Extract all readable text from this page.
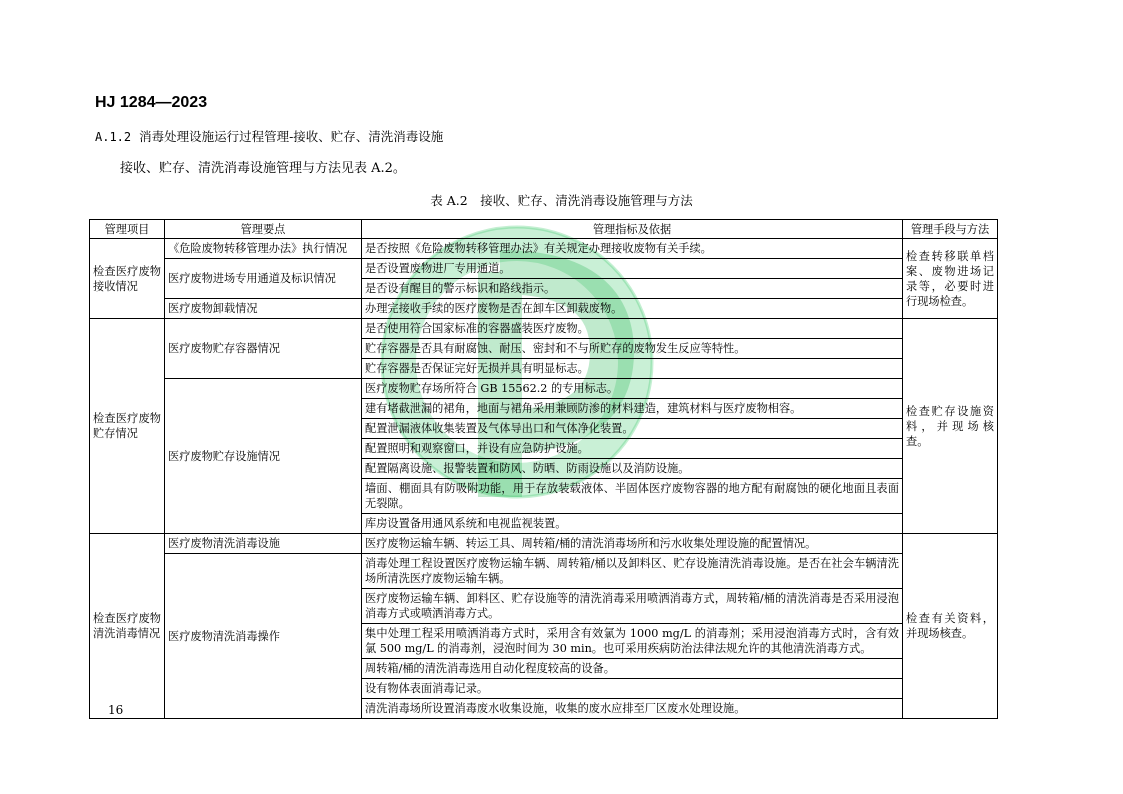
HJ 1284—2023
A.1.2 消毒处理设施运行过程管理-接收、贮存、清洗消毒设施
接收、贮存、清洗消毒设施管理与方法见表 A.2。
表 A.2　接收、贮存、清洗消毒设施管理与方法
管理项目	管理要点	管理指标及依据	管理手段与方法
检查医疗废物接收情况	《危险废物转移管理办法》执行情况	是否按照《危险废物转移管理办法》有关规定办理接收废物有关手续。	检查转移联单档案、废物进场记录等，必要时进行现场检查。
	医疗废物进场专用通道及标识情况	是否设置废物进厂专用通道。	
		是否设有醒目的警示标识和路线指示。	
	医疗废物卸载情况	办理完接收手续的医疗废物是否在卸车区卸载废物。	
检查医疗废物贮存情况	医疗废物贮存容器情况	是否使用符合国家标准的容器盛装医疗废物。	检查贮存设施资料，并现场核查。
		贮存容器是否具有耐腐蚀、耐压、密封和不与所贮存的废物发生反应等特性。	
		贮存容器是否保证完好无损并具有明显标志。	
	医疗废物贮存设施情况	医疗废物贮存场所符合 GB 15562.2 的专用标志。	
		建有堵截泄漏的裙角，地面与裙角采用兼顾防渗的材料建造，建筑材料与医疗废物相容。	
		配置泄漏液体收集装置及气体导出口和气体净化装置。	
		配置照明和观察窗口，并设有应急防护设施。	
		配置隔离设施、报警装置和防风、防晒、防雨设施以及消防设施。	
		墙面、棚面具有防吸附功能，用于存放装载液体、半固体医疗废物容器的地方配有耐腐蚀的硬化地面且表面无裂隙。	
		库房设置备用通风系统和电视监视装置。	
检查医疗废物清洗消毒情况	医疗废物清洗消毒设施	医疗废物运输车辆、转运工具、周转箱/桶的清洗消毒场所和污水收集处理设施的配置情况。	检查有关资料，并现场核查。
	医疗废物清洗消毒操作	消毒处理工程设置医疗废物运输车辆、周转箱/桶以及卸料区、贮存设施清洗消毒设施。是否在社会车辆清洗场所清洗医疗废物运输车辆。	
		医疗废物运输车辆、卸料区、贮存设施等的清洗消毒采用喷洒消毒方式，周转箱/桶的清洗消毒是否采用浸泡消毒方式或喷洒消毒方式。	
		集中处理工程采用喷洒消毒方式时，采用含有效氯为 1000 mg/L 的消毒剂；采用浸泡消毒方式时，含有效氯 500 mg/L 的消毒剂，浸泡时间为 30 min。也可采用疾病防治法律法规允许的其他清洗消毒方式。	
		周转箱/桶的清洗消毒选用自动化程度较高的设备。	
		设有物体表面消毒记录。	
		清洗消毒场所设置消毒废水收集设施，收集的废水应排至厂区废水处理设施。	
16
